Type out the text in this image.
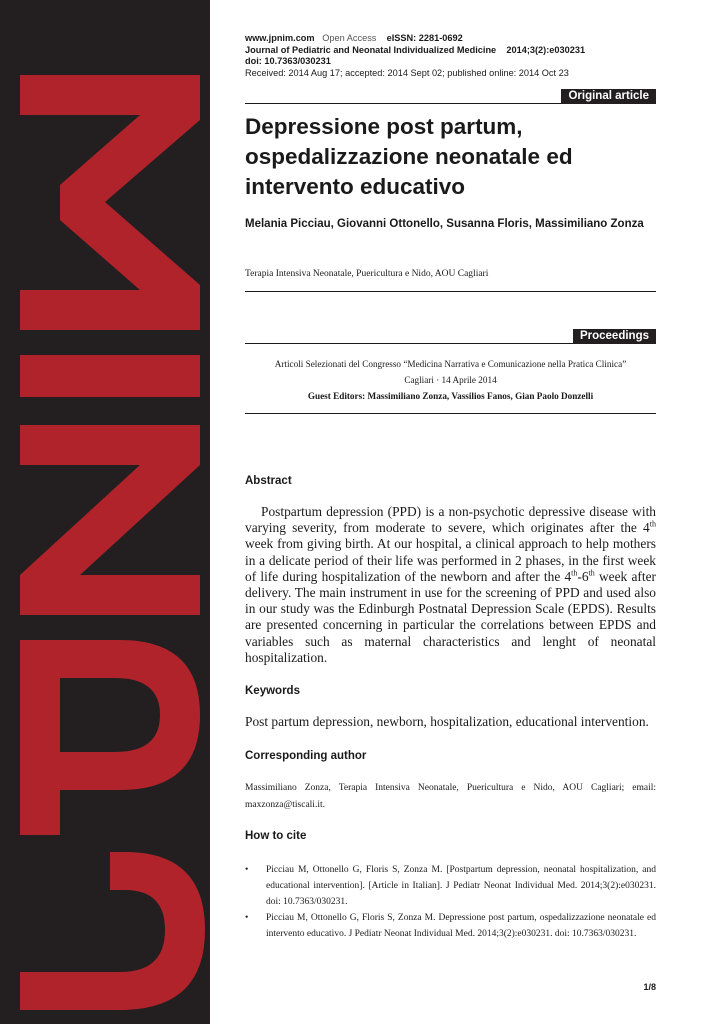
www.jpnim.com Open Access eISSN: 2281-0692
Journal of Pediatric and Neonatal Individualized Medicine 2014;3(2):e030231
doi: 10.7363/030231
Received: 2014 Aug 17; accepted: 2014 Sept 02; published online: 2014 Oct 23
Original article
Depressione post partum, ospedalizzazione neonatale ed intervento educativo
Melania Picciau, Giovanni Ottonello, Susanna Floris, Massimiliano Zonza
Terapia Intensiva Neonatale, Puericultura e Nido, AOU Cagliari
Proceedings
Articoli Selezionati del Congresso “Medicina Narrativa e Comunicazione nella Pratica Clinica”
Cagliari · 14 Aprile 2014
Guest Editors: Massimiliano Zonza, Vassilios Fanos, Gian Paolo Donzelli
Abstract

Postpartum depression (PPD) is a non-psychotic depressive disease with varying severity, from moderate to severe, which originates after the 4th week from giving birth. At our hospital, a clinical approach to help mothers in a delicate period of their life was performed in 2 phases, in the first week of life during hospitalization of the newborn and after the 4th-6th week after delivery. The main instrument in use for the screening of PPD and used also in our study was the Edinburgh Postnatal Depression Scale (EPDS). Results are presented concerning in particular the correlations between EPDS and variables such as maternal characteristics and lenght of neonatal hospitalization.

Keywords
Post partum depression, newborn, hospitalization, educational intervention.
Corresponding author
Massimiliano Zonza, Terapia Intensiva Neonatale, Puericultura e Nido, AOU Cagliari; email: maxzonza@tiscali.it.
How to cite
• Picciau M, Ottonello G, Floris S, Zonza M. [Postpartum depression, neonatal hospitalization, and educational intervention]. [Article in Italian]. J Pediatr Neonat Individual Med. 2014;3(2):e030231. doi: 10.7363/030231.
• Picciau M, Ottonello G, Floris S, Zonza M. Depressione post partum, ospedalizzazione neonatale ed intervento educativo. J Pediatr Neonat Individual Med. 2014;3(2):e030231. doi: 10.7363/030231.
1/8
